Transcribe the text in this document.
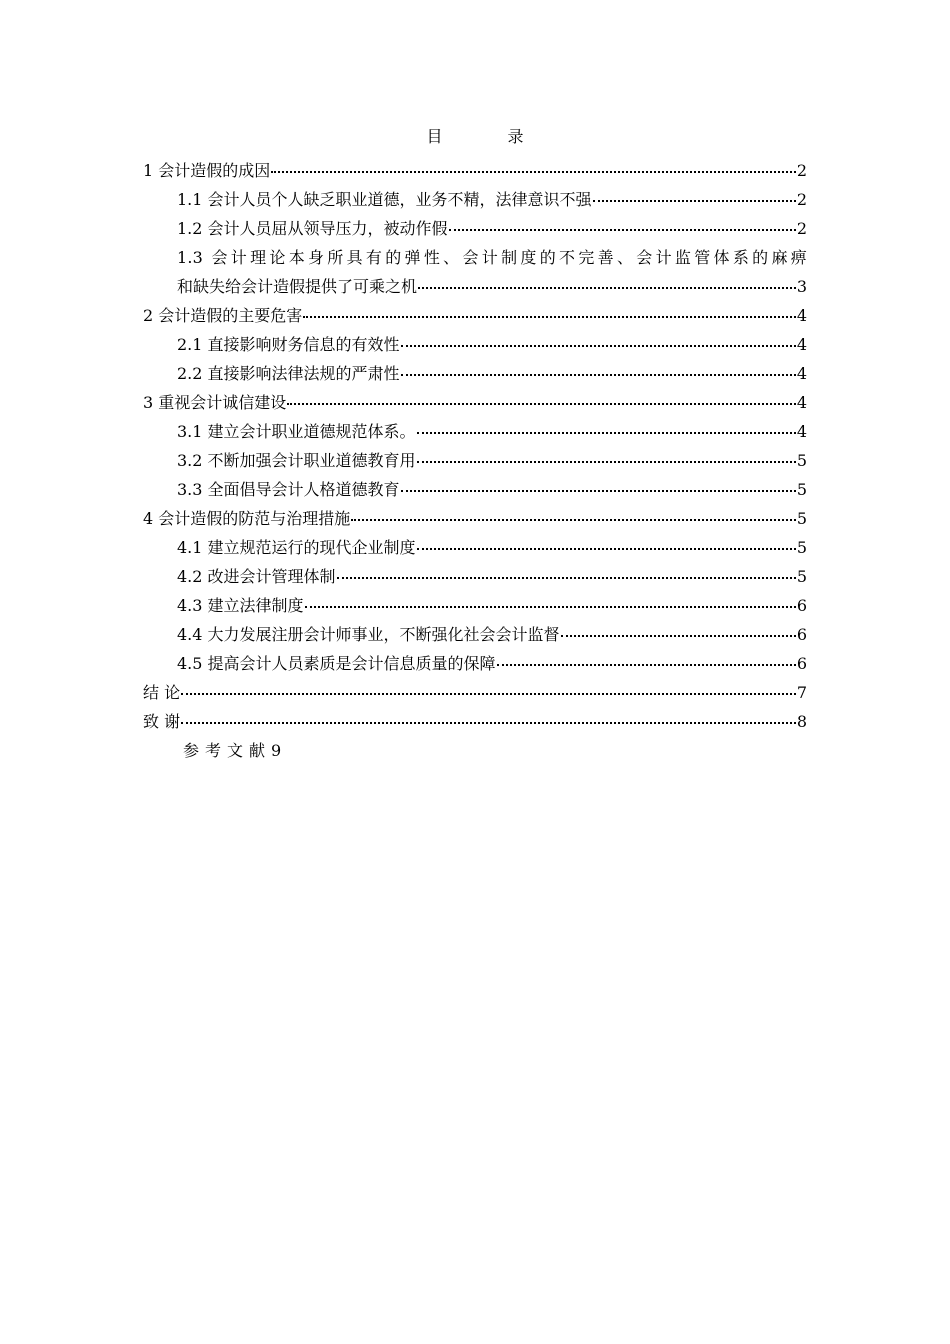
目 录
1 会计造假的成因	2
1.1 会计人员个人缺乏职业道德，业务不精，法律意识不强	2
1.2 会计人员屈从领导压力，被动作假	2
1.3 会计理论本身所具有的弹性、会计制度的不完善、会计监管体系的麻痹
和缺失给会计造假提供了可乘之机	3
2 会计造假的主要危害	4
2.1 直接影响财务信息的有效性	4
2.2 直接影响法律法规的严肃性	4
3 重视会计诚信建设	4
3.1 建立会计职业道德规范体系。	4
3.2 不断加强会计职业道德教育用	5
3.3 全面倡导会计人格道德教育	5
4 会计造假的防范与治理措施	5
4.1 建立规范运行的现代企业制度	5
4.2 改进会计管理体制	5
4.3 建立法律制度	6
4.4 大力发展注册会计师事业，不断强化社会会计监督	6
4.5 提高会计人员素质是会计信息质量的保障	6
结 论	7
致 谢	8
参考文献9
